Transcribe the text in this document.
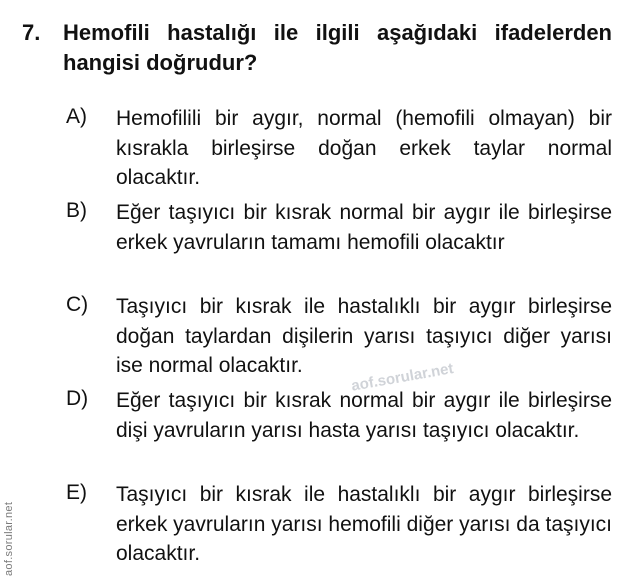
7. Hemofili hastalığı ile ilgili aşağıdaki ifadelerden hangisi doğrudur?
A) Hemofilili bir aygır, normal (hemofili olmayan) bir kısrakla birleşirse doğan erkek taylar normal olacaktır.
B) Eğer taşıyıcı bir kısrak normal bir aygır ile birleşirse erkek yavruların tamamı hemofili olacaktır
C) Taşıyıcı bir kısrak ile hastalıklı bir aygır birleşirse doğan taylardan dişilerin yarısı taşıyıcı diğer yarısı ise normal olacaktır.
D) Eğer taşıyıcı bir kısrak normal bir aygır ile birleşirse dişi yavruların yarısı hasta yarısı taşıyıcı olacaktır.
E) Taşıyıcı bir kısrak ile hastalıklı bir aygır birleşirse erkek yavruların yarısı hemofili diğer yarısı da taşıyıcı olacaktır.
aof.sorular.net
aof.sorular.net
